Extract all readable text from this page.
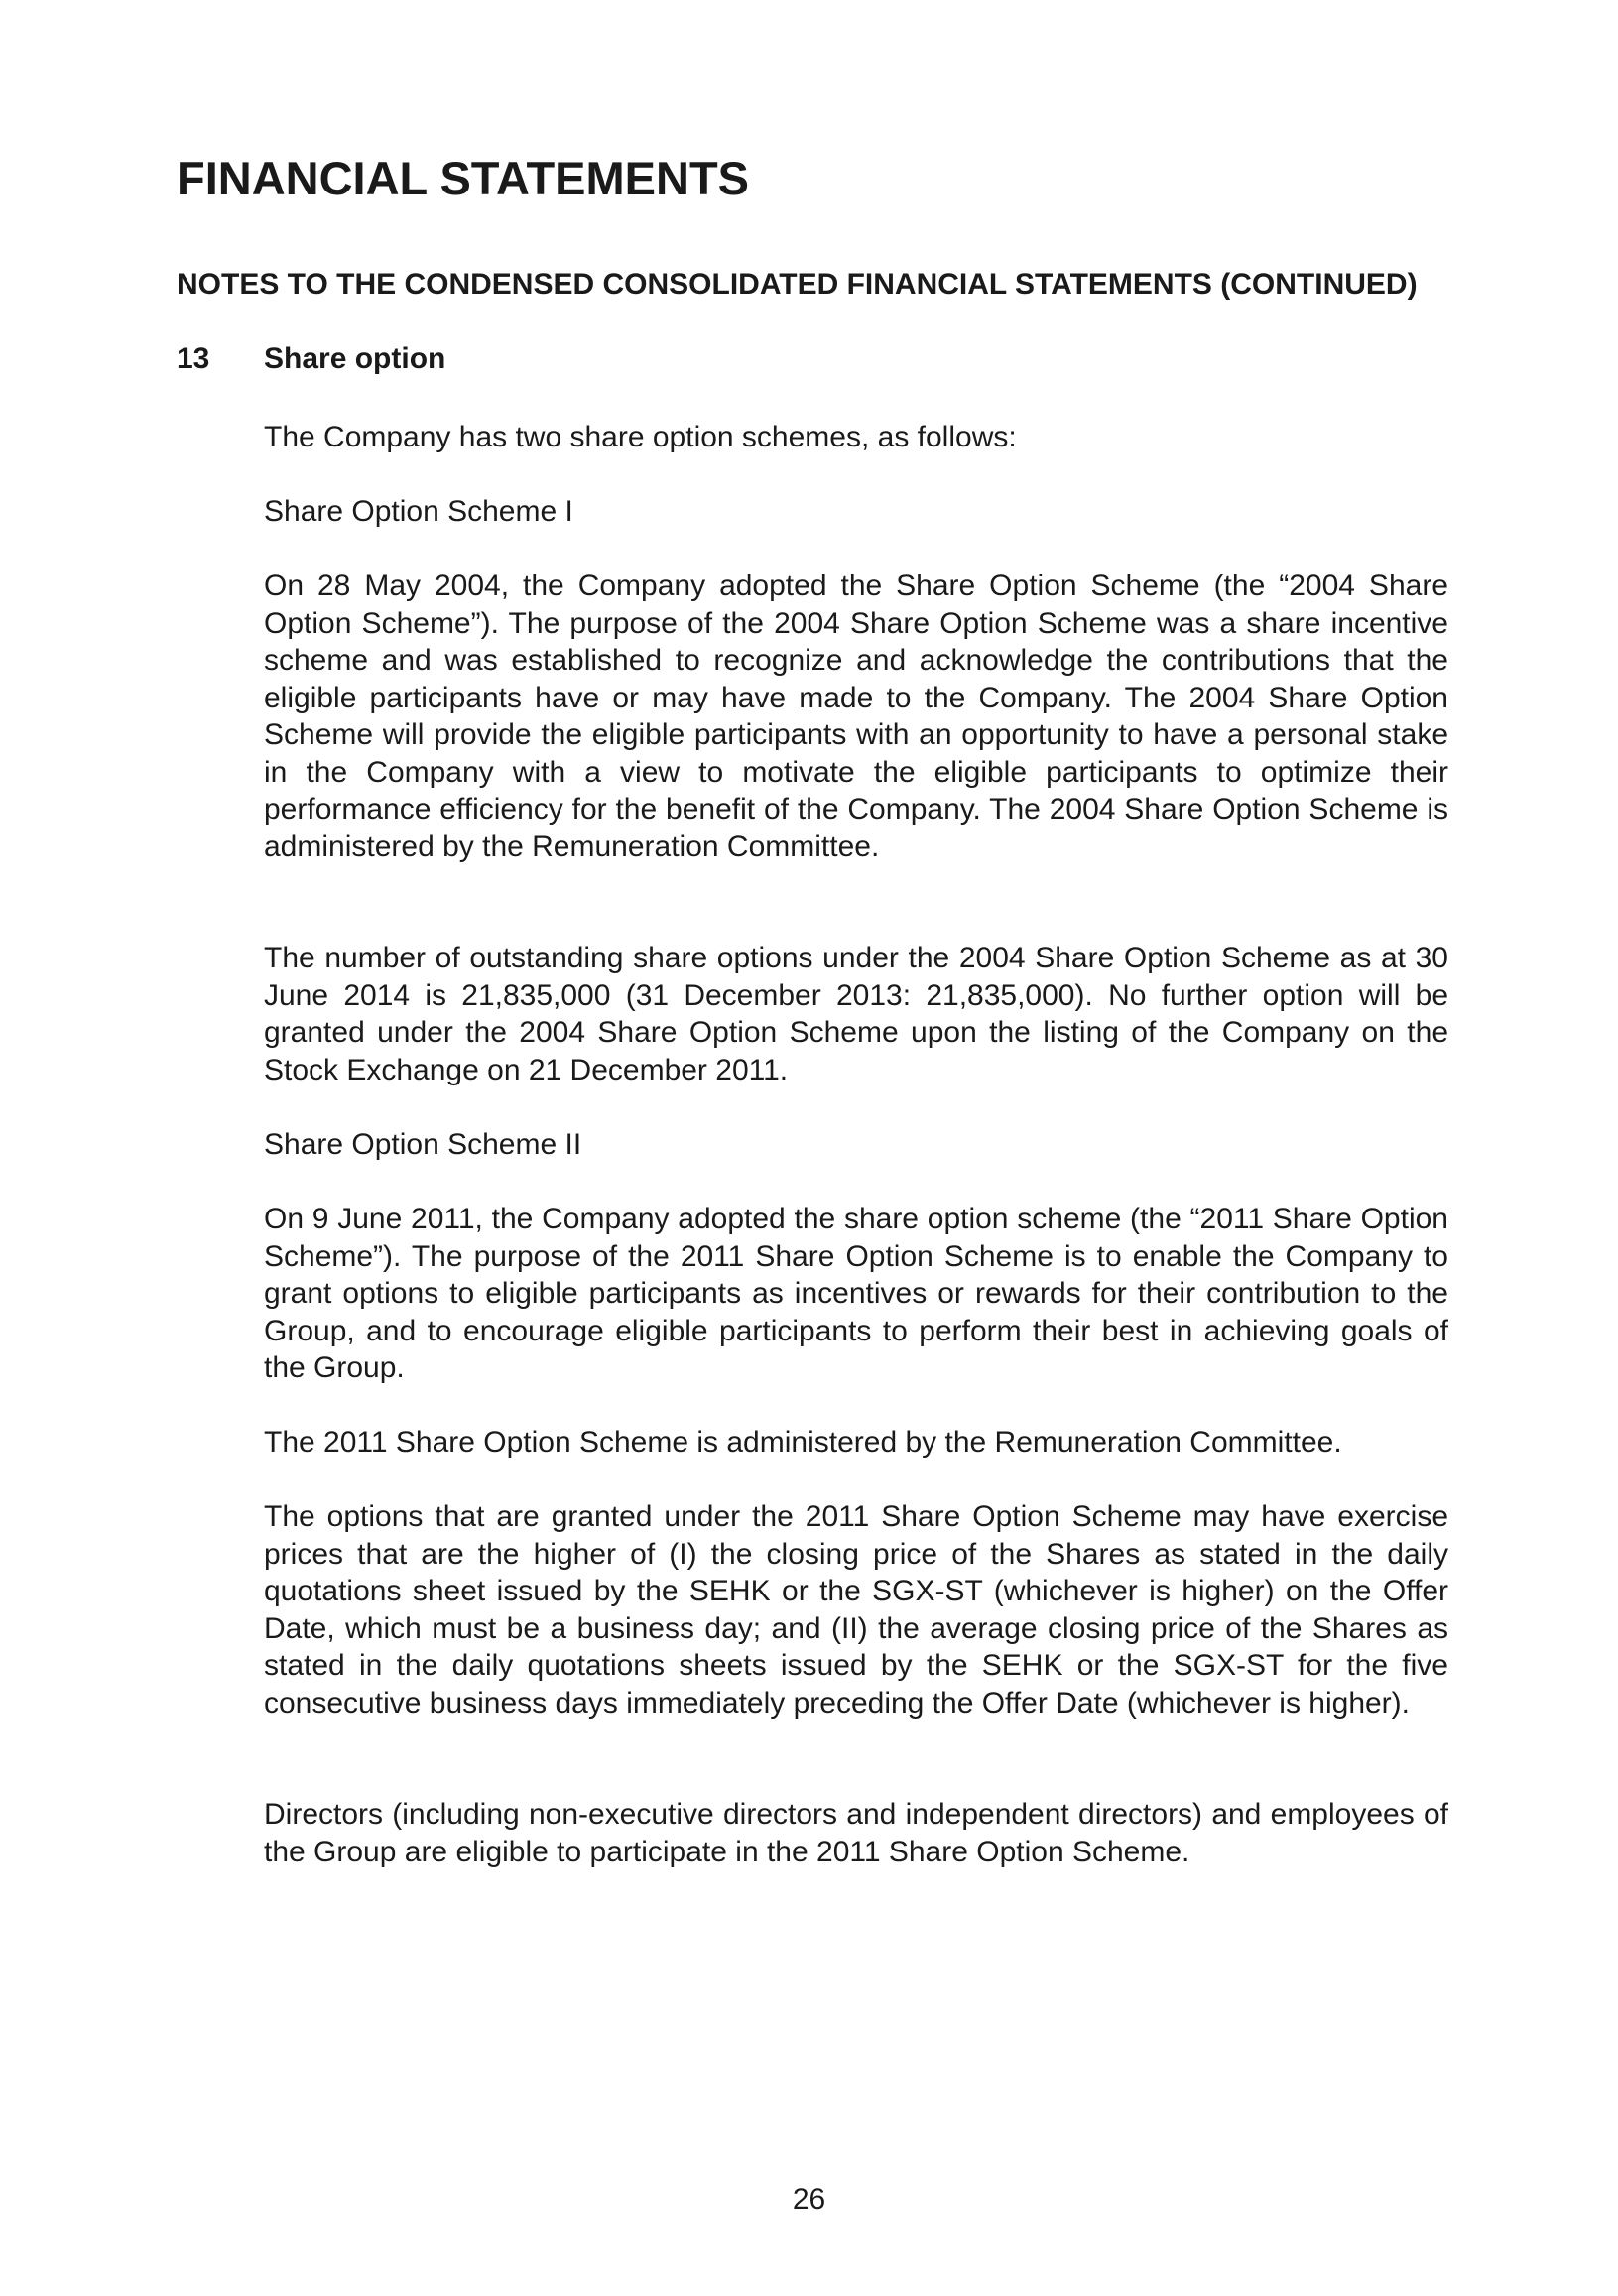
FINANCIAL STATEMENTS
NOTES TO THE CONDENSED CONSOLIDATED FINANCIAL STATEMENTS (CONTINUED)
13 Share option

The Company has two share option schemes, as follows:

Share Option Scheme I

On 28 May 2004, the Company adopted the Share Option Scheme (the “2004 Share Option Scheme”). The purpose of the 2004 Share Option Scheme was a share incentive scheme and was established to recognize and acknowledge the contributions that the eligible participants have or may have made to the Company. The 2004 Share Option Scheme will provide the eligible participants with an opportunity to have a personal stake in the Company with a view to motivate the eligible participants to optimize their performance efficiency for the benefit of the Company. The 2004 Share Option Scheme is administered by the Remuneration Committee.

The number of outstanding share options under the 2004 Share Option Scheme as at 30 June 2014 is 21,835,000 (31 December 2013: 21,835,000). No further option will be granted under the 2004 Share Option Scheme upon the listing of the Company on the Stock Exchange on 21 December 2011.

Share Option Scheme II

On 9 June 2011, the Company adopted the share option scheme (the “2011 Share Option Scheme”). The purpose of the 2011 Share Option Scheme is to enable the Company to grant options to eligible participants as incentives or rewards for their contribution to the Group, and to encourage eligible participants to perform their best in achieving goals of the Group.

The 2011 Share Option Scheme is administered by the Remuneration Committee.

The options that are granted under the 2011 Share Option Scheme may have exercise prices that are the higher of (I) the closing price of the Shares as stated in the daily quotations sheet issued by the SEHK or the SGX-ST (whichever is higher) on the Offer Date, which must be a business day; and (II) the average closing price of the Shares as stated in the daily quotations sheets issued by the SEHK or the SGX-ST for the five consecutive business days immediately preceding the Offer Date (whichever is higher).

Directors (including non-executive directors and independent directors) and employees of the Group are eligible to participate in the 2011 Share Option Scheme.

26
